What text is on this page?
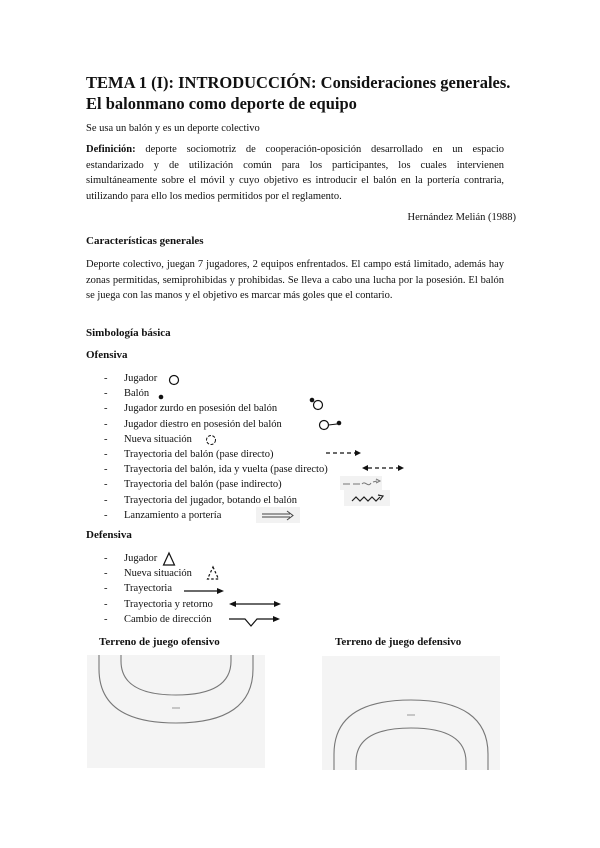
TEMA 1 (I): INTRODUCCIÓN: Consideraciones generales.
El balonmano como deporte de equipo

Se usa un balón y es un deporte colectivo

Definición: deporte sociomotriz de cooperación-oposición desarrollado en un espacio estandarizado y de utilización común para los participantes, los cuales intervienen simultáneamente sobre el móvil y cuyo objetivo es introducir el balón en la portería contraria, utilizando para ello los medios permitidos por el reglamento.

Hernández Melián (1988)

Características generales

Deporte colectivo, juegan 7 jugadores, 2 equipos enfrentados. El campo está limitado, además hay zonas permitidas, semiprohibidas y prohibidas. Se lleva a cabo una lucha por la posesión. El balón se juega con las manos y el objetivo es marcar más goles que el contario.

Simbología básica

Ofensiva

- Jugador
- Balón
- Jugador zurdo en posesión del balón
- Jugador diestro en posesión del balón
- Nueva situación
- Trayectoria del balón (pase directo)
- Trayectoria del balón, ida y vuelta (pase directo)
- Trayectoria del balón (pase indirecto)
- Trayectoria del jugador, botando el balón
- Lanzamiento a portería

Defensiva

- Jugador
- Nueva situación
- Trayectoria
- Trayectoria y retorno
- Cambio de dirección

Terreno de juego ofensivo	Terreno de juego defensivo
